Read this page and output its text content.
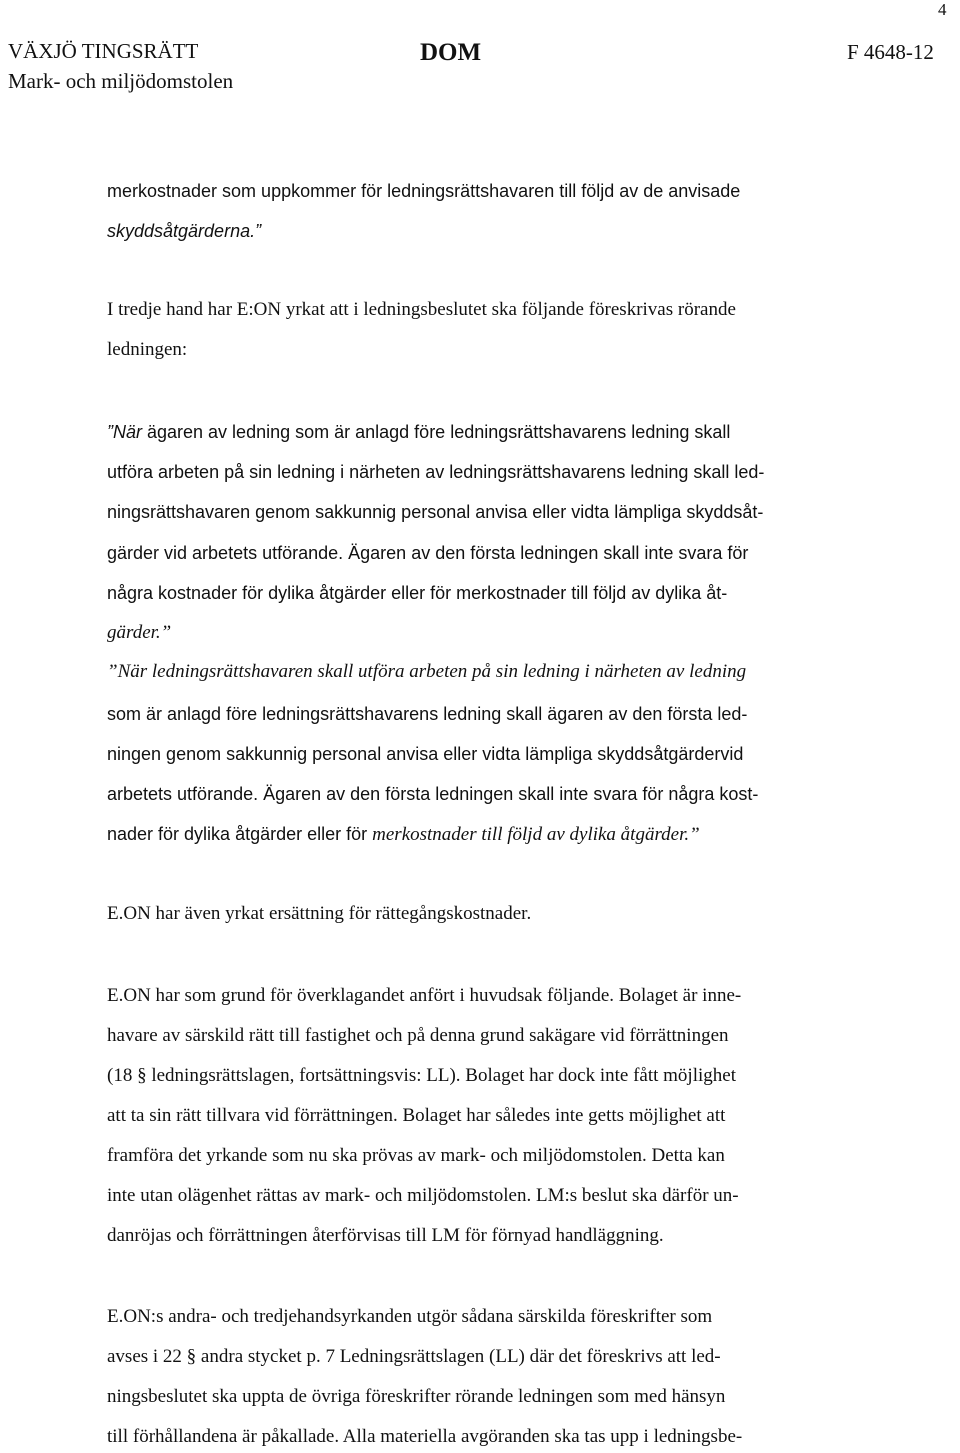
4
VÄXJÖ TINGSRÄTT
Mark- och miljödomstolen
DOM	F 4648-12
merkostnader som uppkommer för ledningsrättshavaren till följd av de anvisade
skyddsåtgärderna.”
I tredje hand har E:ON yrkat att i ledningsbeslutet ska följande föreskrivas rörande
ledningen:
”När ägaren av ledning som är anlagd före ledningsrättshavarens ledning skall
utföra arbeten på sin ledning i närheten av ledningsrättshavarens ledning skall led-
ningsrättshavaren genom sakkunnig personal anvisa eller vidta lämpliga skyddsåt-
gärder vid arbetets utförande. Ägaren av den första ledningen skall inte svara för
några kostnader för dylika åtgärder eller för merkostnader till följd av dylika åt-
gärder.”
”När ledningsrättshavaren skall utföra arbeten på sin ledning i närheten av ledning
som är anlagd före ledningsrättshavarens ledning skall ägaren av den första led-
ningen genom sakkunnig personal anvisa eller vidta lämpliga skyddsåtgärdervid
arbetets utförande. Ägaren av den första ledningen skall inte svara för några kost-
nader för dylika åtgärder eller för merkostnader till följd av dylika åtgärder.”
E.ON har även yrkat ersättning för rättegångskostnader.
E.ON har som grund för överklagandet anfört i huvudsak följande. Bolaget är inne-
havare av särskild rätt till fastighet och på denna grund sakägare vid förrättningen
(18 § ledningsrättslagen, fortsättningsvis: LL). Bolaget har dock inte fått möjlighet
att ta sin rätt tillvara vid förrättningen. Bolaget har således inte getts möjlighet att
framföra det yrkande som nu ska prövas av mark- och miljödomstolen. Detta kan
inte utan olägenhet rättas av mark- och miljödomstolen. LM:s beslut ska därför un-
danröjas och förrättningen återförvisas till LM för förnyad handläggning.
E.ON:s andra- och tredjehandsyrkanden utgör sådana särskilda föreskrifter som
avses i 22 § andra stycket p. 7 Ledningsrättslagen (LL) där det föreskrivs att led-
ningsbeslutet ska uppta de övriga föreskrifter rörande ledningen som med hänsyn
till förhållandena är påkallade. Alla materiella avgöranden ska tas upp i ledningsbe-
